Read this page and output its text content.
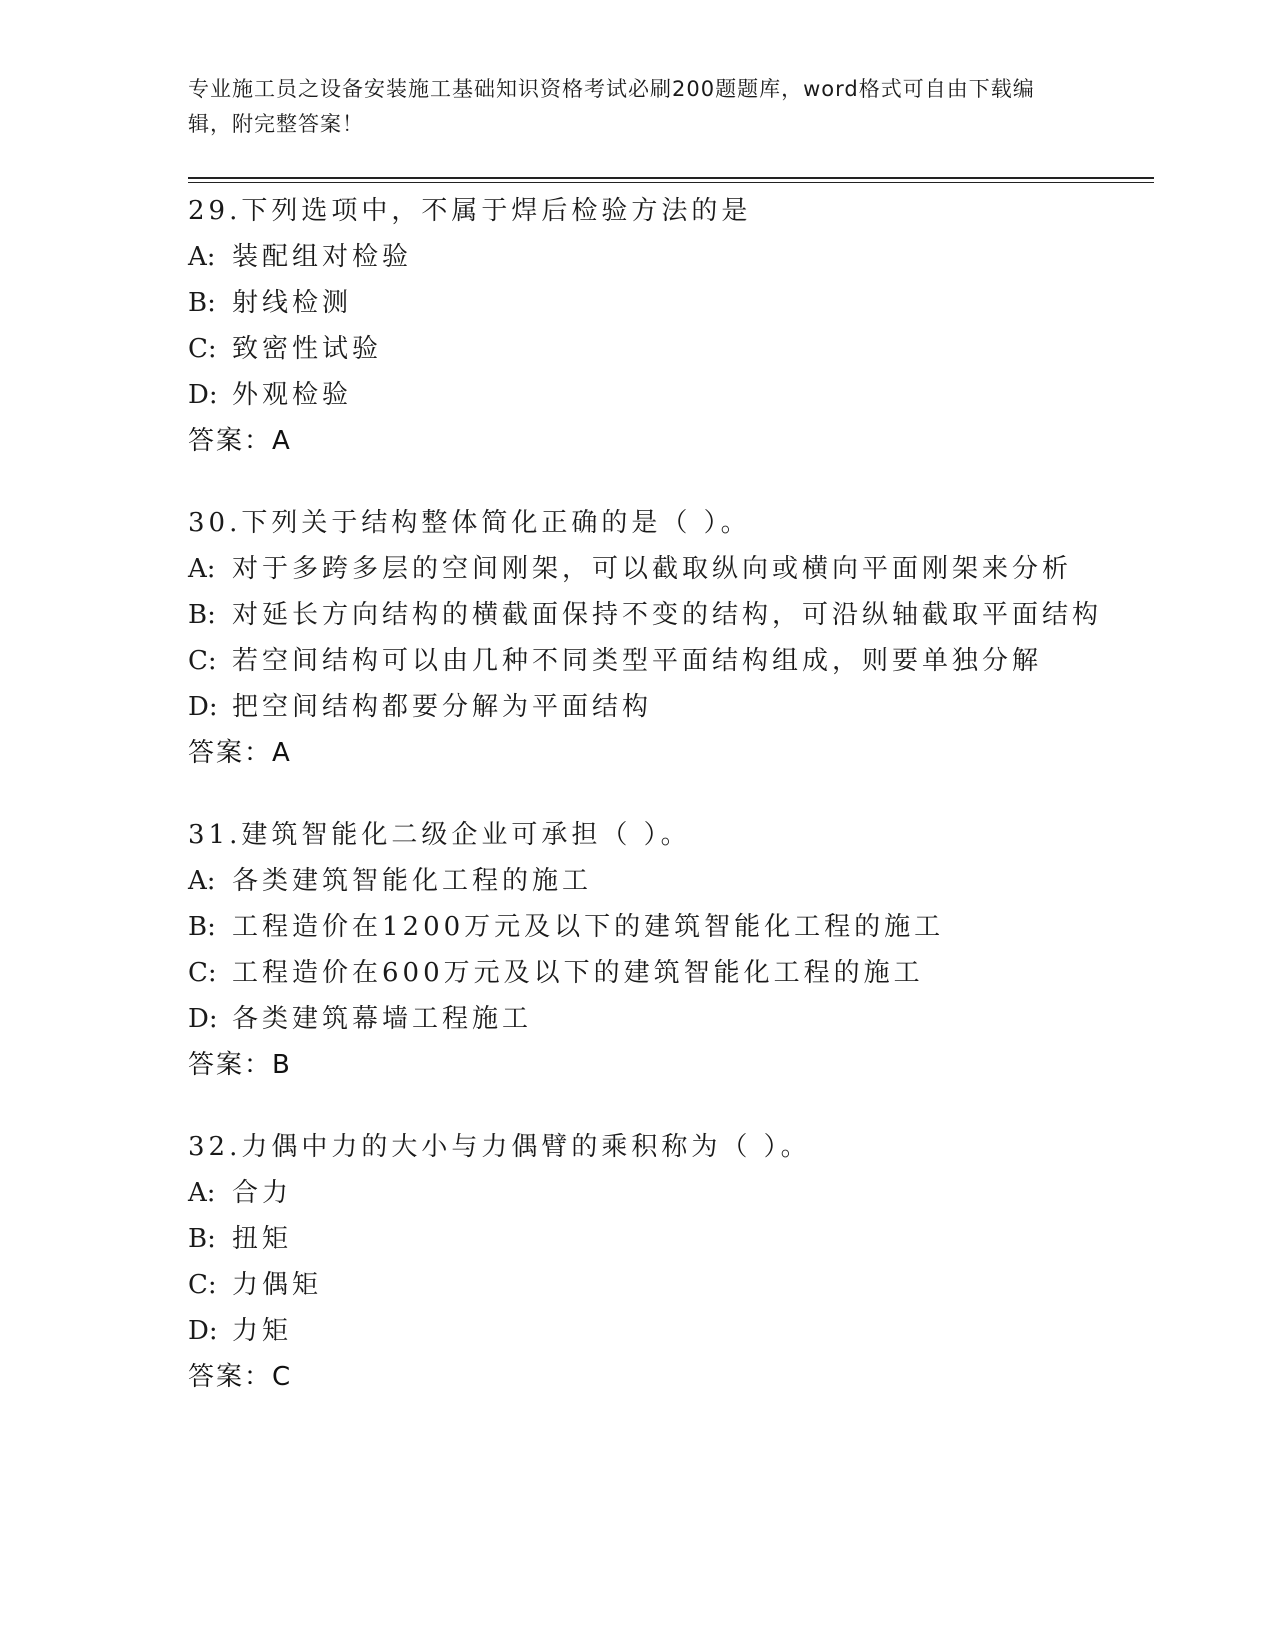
专业施工员之设备安装施工基础知识资格考试必刷200题题库，word格式可自由下载编辑，附完整答案！
29.下列选项中，不属于焊后检验方法的是
A: 装配组对检验
B: 射线检测
C: 致密性试验
D: 外观检验
答案：A
30.下列关于结构整体简化正确的是（ ）。
A: 对于多跨多层的空间刚架，可以截取纵向或横向平面刚架来分析
B: 对延长方向结构的横截面保持不变的结构，可沿纵轴截取平面结构
C: 若空间结构可以由几种不同类型平面结构组成，则要单独分解
D: 把空间结构都要分解为平面结构
答案：A
31.建筑智能化二级企业可承担（ ）。
A: 各类建筑智能化工程的施工
B: 工程造价在1200万元及以下的建筑智能化工程的施工
C: 工程造价在600万元及以下的建筑智能化工程的施工
D: 各类建筑幕墙工程施工
答案：B
32.力偶中力的大小与力偶臂的乘积称为（ ）。
A: 合力
B: 扭矩
C: 力偶矩
D: 力矩
答案：C
